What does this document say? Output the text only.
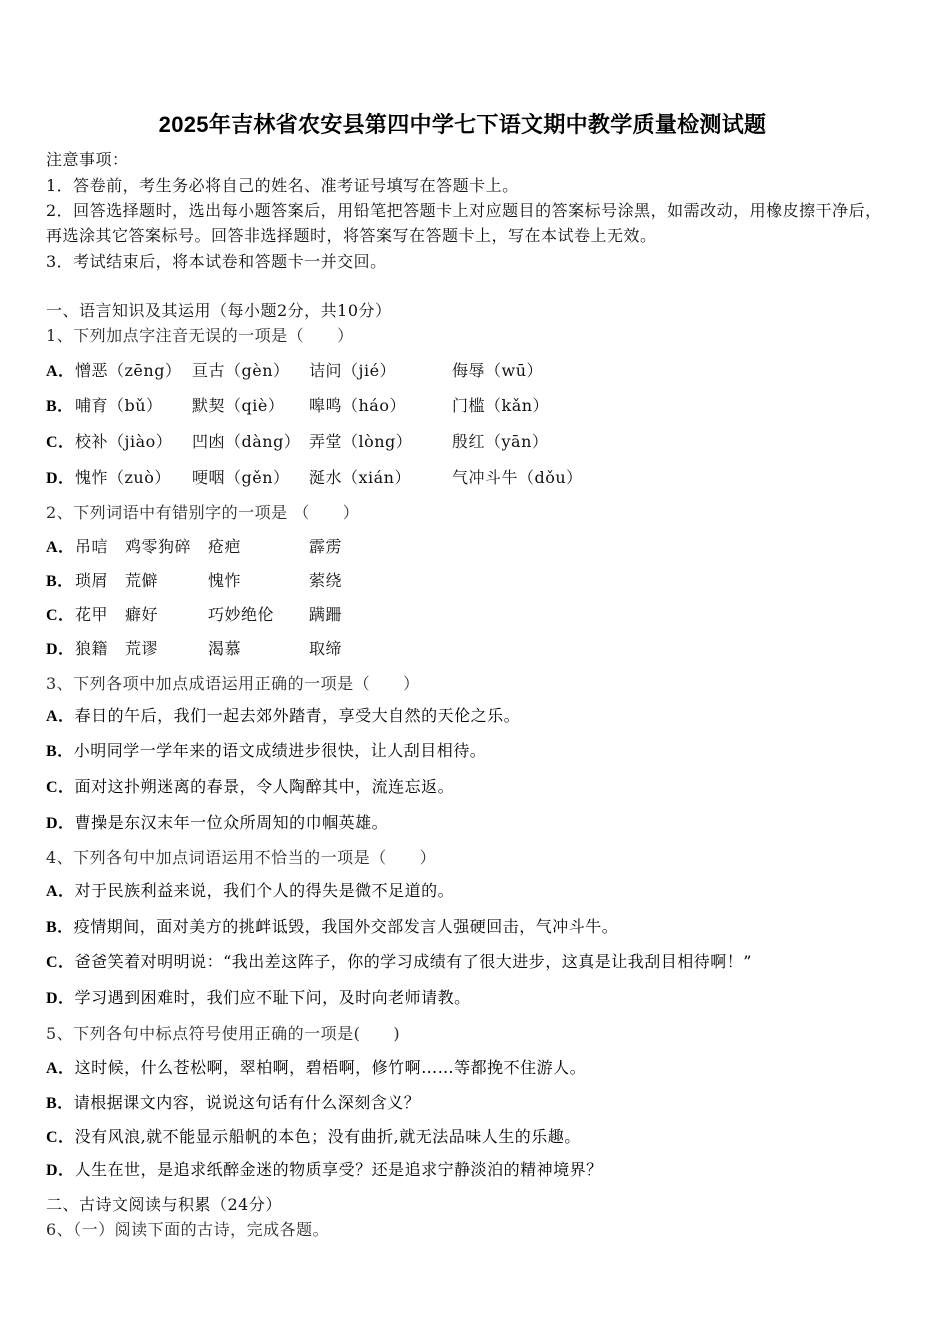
2025年吉林省农安县第四中学七下语文期中教学质量检测试题
注意事项：
1．答卷前，考生务必将自己的姓名、准考证号填写在答题卡上。
2．回答选择题时，选出每小题答案后，用铅笔把答题卡上对应题目的答案标号涂黑，如需改动，用橡皮擦干净后，
再选涂其它答案标号。回答非选择题时，将答案写在答题卡上，写在本试卷上无效。
3．考试结束后，将本试卷和答题卡一并交回。
一、语言知识及其运用（每小题2分，共10分）
1、下列加点字注音无误的一项是（　　）
A． 憎恶（zēng） 亘古（gèn） 诘问（jié）	侮辱（wū）
B． 哺育（bǔ） 默契（qiè） 嗥鸣（háo）	门槛（kǎn）
C． 校补（jiào） 凹凼（dàng） 弄堂（lòng） 殷红（yān）
D． 愧怍（zuò） 哽咽（gěn） 涎水（xián）	气冲斗牛（dǒu）
2、下列词语中有错别字的一项是 （　　）
A． 吊唁 鸡零狗碎 疮疤	霹雳
B． 琐屑 荒僻	愧怍	萦绕
C． 花甲 癖好	巧妙绝伦 蹒跚
D． 狼籍 荒谬	渴慕	取缔
3、下列各项中加点成语运用正确的一项是（　　）
A．春日的午后，我们一起去郊外踏青，享受大自然的天伦之乐。
B．小明同学一学年来的语文成绩进步很快，让人刮目相待。
C．面对这扑朔迷离的春景，令人陶醉其中，流连忘返。
D．曹操是东汉末年一位众所周知的巾帼英雄。
4、下列各句中加点词语运用不恰当的一项是（　　）
A．对于民族利益来说，我们个人的得失是微不足道的。
B．疫情期间，面对美方的挑衅诋毁，我国外交部发言人强硬回击，气冲斗牛。
C．爸爸笑着对明明说：“我出差这阵子，你的学习成绩有了很大进步，这真是让我刮目相待啊！”
D．学习遇到困难时，我们应不耻下问，及时向老师请教。
5、下列各句中标点符号使用正确的一项是(　　)
A．这时候，什么苍松啊，翠柏啊，碧梧啊，修竹啊……等都挽不住游人。
B．请根据课文内容，说说这句话有什么深刻含义？
C．没有风浪,就不能显示船帆的本色；没有曲折,就无法品味人生的乐趣。
D．人生在世，是追求纸醉金迷的物质享受？还是追求宁静淡泊的精神境界？
二、古诗文阅读与积累（24分）
6、（一）阅读下面的古诗，完成各题。
